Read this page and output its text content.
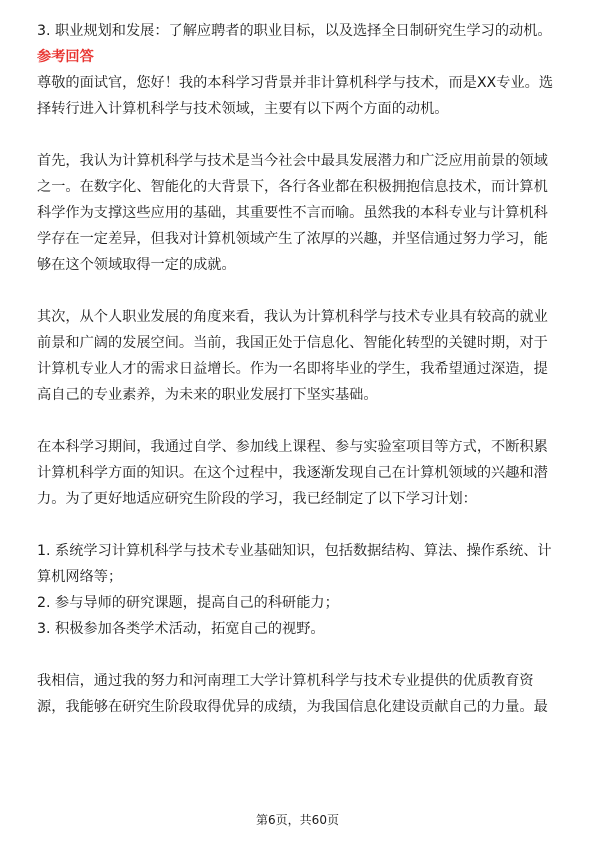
3. 职业规划和发展：了解应聘者的职业目标，以及选择全日制研究生学习的动机。

参考回答

尊敬的面试官，您好！我的本科学习背景并非计算机科学与技术，而是XX专业。选

择转行进入计算机科学与技术领域，主要有以下两个方面的动机。

首先，我认为计算机科学与技术是当今社会中最具发展潜力和广泛应用前景的领域

之一。在数字化、智能化的大背景下，各行各业都在积极拥抱信息技术，而计算机

科学作为支撑这些应用的基础，其重要性不言而喻。虽然我的本科专业与计算机科

学存在一定差异，但我对计算机领域产生了浓厚的兴趣，并坚信通过努力学习，能

够在这个领域取得一定的成就。

其次，从个人职业发展的角度来看，我认为计算机科学与技术专业具有较高的就业

前景和广阔的发展空间。当前，我国正处于信息化、智能化转型的关键时期，对于

计算机专业人才的需求日益增长。作为一名即将毕业的学生，我希望通过深造，提

高自己的专业素养，为未来的职业发展打下坚实基础。

在本科学习期间，我通过自学、参加线上课程、参与实验室项目等方式，不断积累

计算机科学方面的知识。在这个过程中，我逐渐发现自己在计算机领域的兴趣和潜

力。为了更好地适应研究生阶段的学习，我已经制定了以下学习计划：

1. 系统学习计算机科学与技术专业基础知识，包括数据结构、算法、操作系统、计

算机网络等；

2. 参与导师的研究课题，提高自己的科研能力；

3. 积极参加各类学术活动，拓宽自己的视野。

我相信，通过我的努力和河南理工大学计算机科学与技术专业提供的优质教育资

源，我能够在研究生阶段取得优异的成绩，为我国信息化建设贡献自己的力量。最

第6页，共60页
